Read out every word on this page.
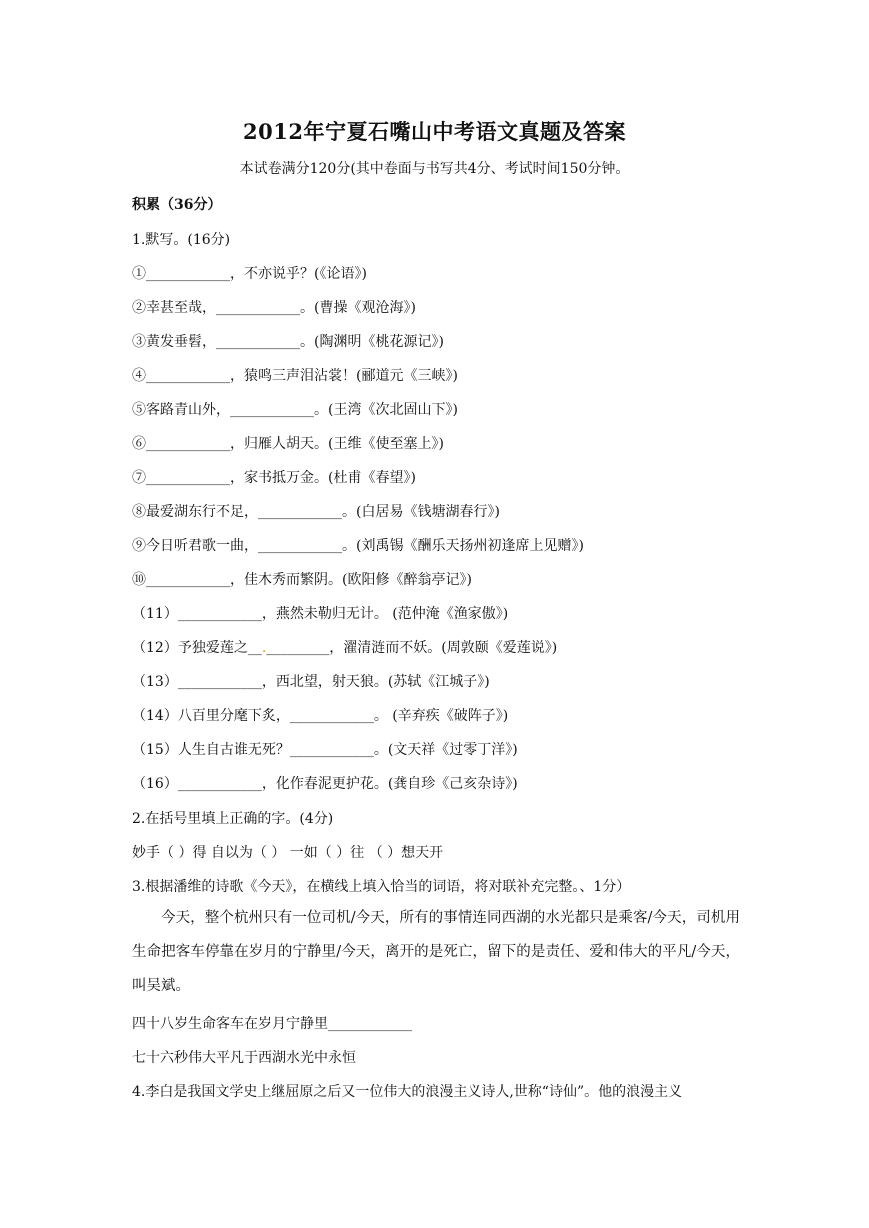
2012年宁夏石嘴山中考语文真题及答案
本试卷满分120分(其中卷面与书写共4分、考试时间150分钟。
积累（36分）
1.默写。(16分)
①____________，不亦说乎？(《论语》)
②幸甚至哉，____________。(曹操《观沧海》)
③黄发垂髫，____________。(陶渊明《桃花源记》)
④____________，猿鸣三声泪沾裳！(郦道元《三峡》)
⑤客路青山外，____________。(王湾《次北固山下》)
⑥____________，归雁人胡天。(王维《使至塞上》)
⑦____________，家书抵万金。(杜甫《春望》)
⑧最爱湖东行不足，____________。(白居易《钱塘湖春行》)
⑨今日听君歌一曲，____________。(刘禹锡《酬乐天扬州初逢席上见赠》)
⑩____________，佳木秀而繁阴。(欧阳修《醉翁亭记》)
（11）____________，燕然未勒归无计。 (范仲淹《渔家傲》)
（12）予独爱莲之__._________，濯清涟而不妖。(周敦颐《爱莲说》)
（13）____________，西北望，射天狼。(苏轼《江城子》)
（14）八百里分麾下炙，____________。 (辛弃疾《破阵子》)
（15）人生自古谁无死？____________。(文天祥《过零丁洋》)
（16）____________，化作春泥更护花。(龚自珍《己亥杂诗》)
2.在括号里填上正确的字。(4分)
妙手（ ）得 自以为（ ） 一如（ ）往 （ ）想天开
3.根据潘维的诗歌《今天》，在横线上填入恰当的词语，将对联补充完整。、1分）
今天，整个杭州只有一位司机/今天，所有的事情连同西湖的水光都只是乘客/今天，司机用生命把客车停靠在岁月的宁静里/今天，离开的是死亡，留下的是责任、爱和伟大的平凡/今天，叫吴斌。
四十八岁生命客车在岁月宁静里____________
七十六秒伟大平凡于西湖水光中永恒
4.李白是我国文学史上继屈原之后又一位伟大的浪漫主义诗人,世称“诗仙”。他的浪漫主义
